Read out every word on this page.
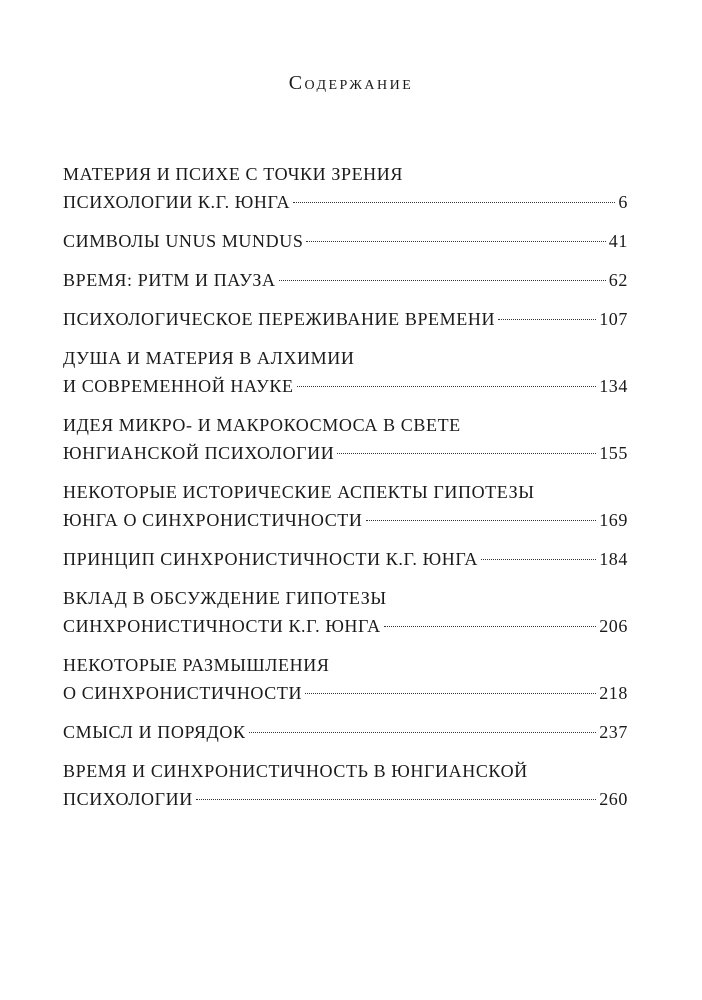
Содержание
МАТЕРИЯ И ПСИХЕ С ТОЧКИ ЗРЕНИЯ
ПСИХОЛОГИИ К.Г. ЮНГА	6
СИМВОЛЫ UNUS MUNDUS	41
ВРЕМЯ: РИТМ И ПАУЗА	62
ПСИХОЛОГИЧЕСКОЕ ПЕРЕЖИВАНИЕ ВРЕМЕНИ	107
ДУША И МАТЕРИЯ В АЛХИМИИ
И СОВРЕМЕННОЙ НАУКЕ	134
ИДЕЯ МИКРО- И МАКРОКОСМОСА В СВЕТЕ
ЮНГИАНСКОЙ ПСИХОЛОГИИ	155
НЕКОТОРЫЕ ИСТОРИЧЕСКИЕ АСПЕКТЫ ГИПОТЕЗЫ
ЮНГА О СИНХРОНИСТИЧНОСТИ	169
ПРИНЦИП СИНХРОНИСТИЧНОСТИ К.Г. ЮНГА	184
ВКЛАД В ОБСУЖДЕНИЕ ГИПОТЕЗЫ
СИНХРОНИСТИЧНОСТИ К.Г. ЮНГА	206
НЕКОТОРЫЕ РАЗМЫШЛЕНИЯ
О СИНХРОНИСТИЧНОСТИ	218
СМЫСЛ И ПОРЯДОК	237
ВРЕМЯ И СИНХРОНИСТИЧНОСТЬ В ЮНГИАНСКОЙ
ПСИХОЛОГИИ	260
